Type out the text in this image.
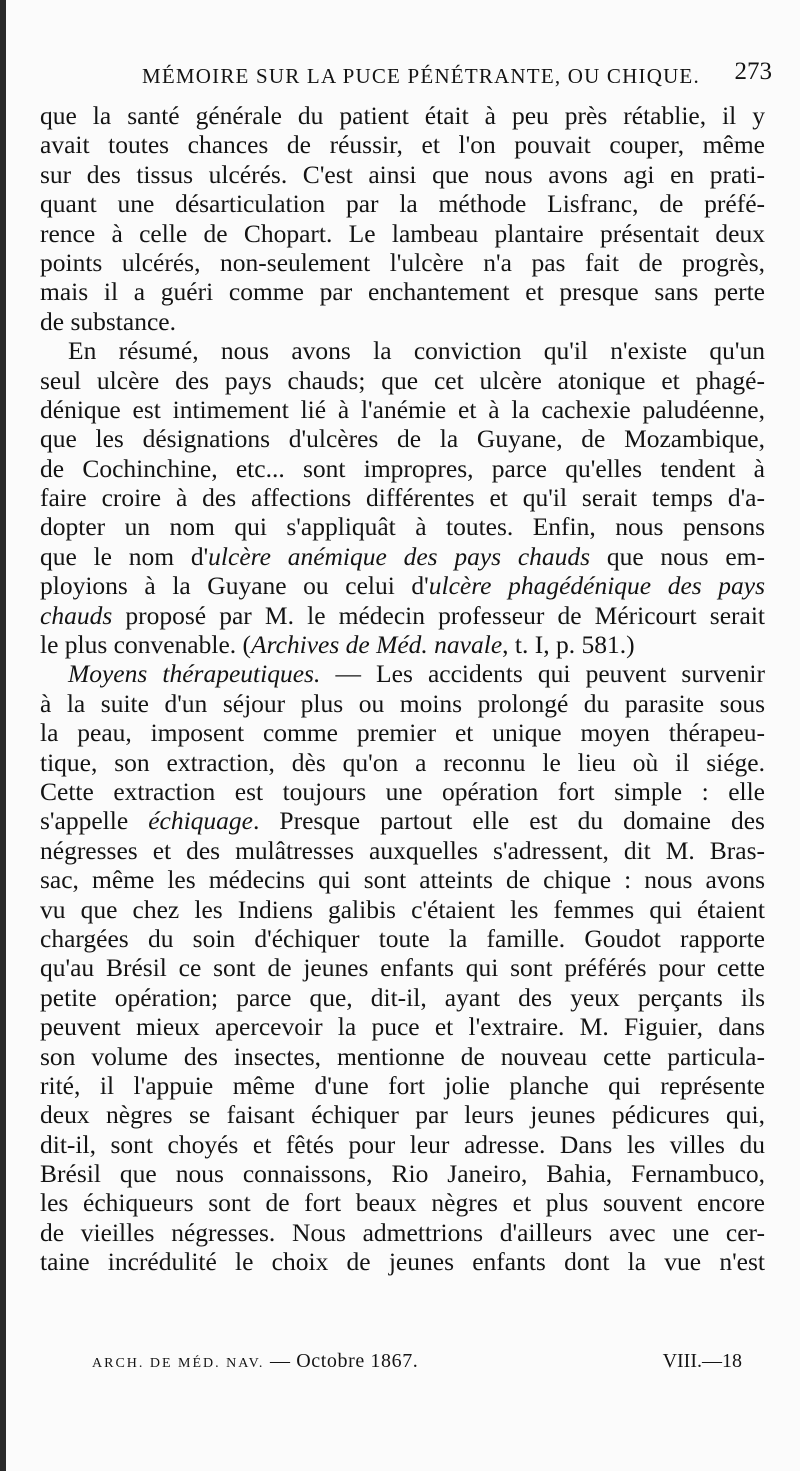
MÉMOIRE SUR LA PUCE PÉNÉTRANTE, OU CHIQUE. 273
que la santé générale du patient était à peu près rétablie, il y
avait toutes chances de réussir, et l'on pouvait couper, même
sur des tissus ulcérés. C'est ainsi que nous avons agi en prati-
quant une désarticulation par la méthode Lisfranc, de préfé-
rence à celle de Chopart. Le lambeau plantaire présentait deux
points ulcérés, non-seulement l'ulcère n'a pas fait de progrès,
mais il a guéri comme par enchantement et presque sans perte
de substance.
En résumé, nous avons la conviction qu'il n'existe qu'un
seul ulcère des pays chauds; que cet ulcère atonique et phagé-
dénique est intimement lié à l'anémie et à la cachexie paludéenne,
que les désignations d'ulcères de la Guyane, de Mozambique,
de Cochinchine, etc... sont impropres, parce qu'elles tendent à
faire croire à des affections différentes et qu'il serait temps d'a-
dopter un nom qui s'appliquât à toutes. Enfin, nous pensons
que le nom d'ulcère anémique des pays chauds que nous em-
ployions à la Guyane ou celui d'ulcère phagédénique des pays
chauds proposé par M. le médecin professeur de Méricourt serait
le plus convenable. (Archives de Méd. navale, t. I, p. 581.)
Moyens thérapeutiques. — Les accidents qui peuvent survenir
à la suite d'un séjour plus ou moins prolongé du parasite sous
la peau, imposent comme premier et unique moyen thérapeu-
tique, son extraction, dès qu'on a reconnu le lieu où il siége.
Cette extraction est toujours une opération fort simple : elle
s'appelle échiquage. Presque partout elle est du domaine des
négresses et des mulâtresses auxquelles s'adressent, dit M. Bras-
sac, même les médecins qui sont atteints de chique : nous avons
vu que chez les Indiens galibis c'étaient les femmes qui étaient
chargées du soin d'échiquer toute la famille. Goudot rapporte
qu'au Brésil ce sont de jeunes enfants qui sont préférés pour cette
petite opération; parce que, dit-il, ayant des yeux perçants ils
peuvent mieux apercevoir la puce et l'extraire. M. Figuier, dans
son volume des insectes, mentionne de nouveau cette particula-
rité, il l'appuie même d'une fort jolie planche qui représente
deux nègres se faisant échiquer par leurs jeunes pédicures qui,
dit-il, sont choyés et fêtés pour leur adresse. Dans les villes du
Brésil que nous connaissons, Rio Janeiro, Bahia, Fernambuco,
les échiqueurs sont de fort beaux nègres et plus souvent encore
de vieilles négresses. Nous admettrions d'ailleurs avec une cer-
taine incrédulité le choix de jeunes enfants dont la vue n'est
ARCH. DE MÉD. NAV. — Octobre 1867.	VIII.—18
